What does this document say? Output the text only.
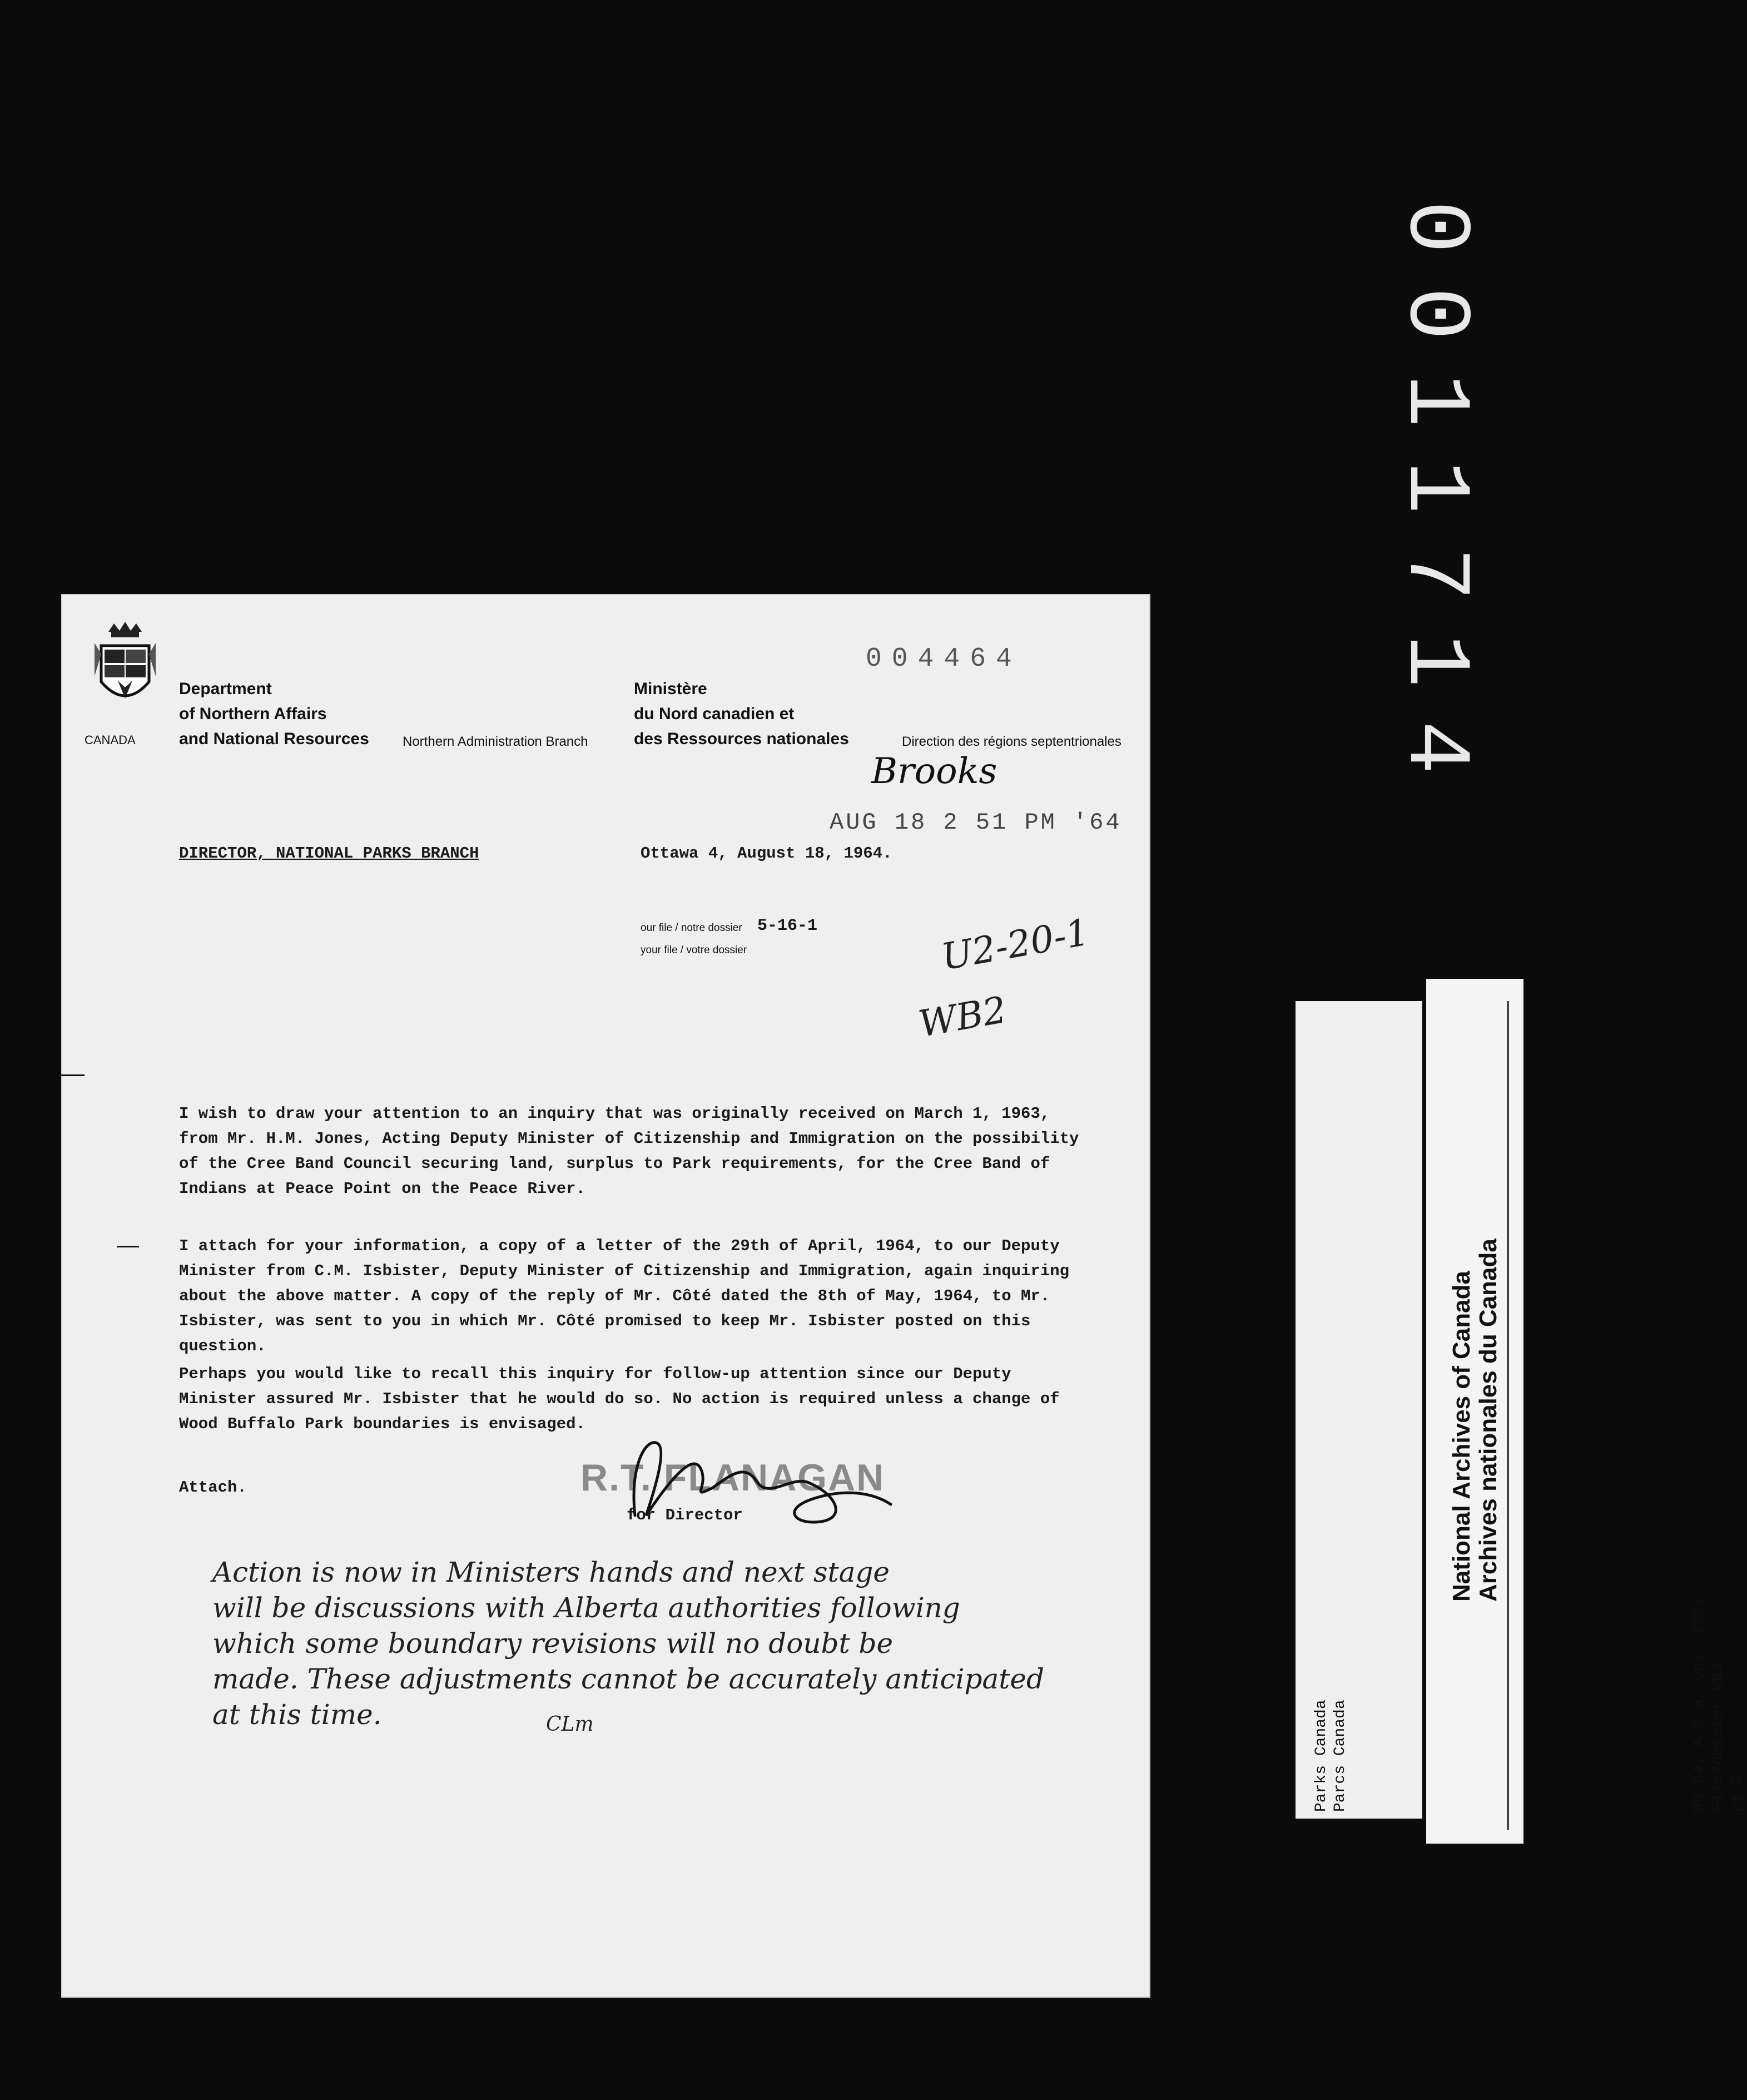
0011714
CANADA
Department
of Northern Affairs
and National Resources	Northern Administration Branch
Ministère
du Nord canadien et
des Ressources nationales	Direction des régions septentrionales
004464
Brooks
AUG 18 2 51 PM '64
DIRECTOR, NATIONAL PARKS BRANCH	Ottawa 4, August 18, 1964.
our file / notre dossier
your file / votre dossier
5-16-1	U2-20-1
WB2
I wish to draw your attention to an inquiry that was originally received on March 1, 1963, from Mr. H.M. Jones, Acting Deputy Minister of Citizenship and Immigration on the possibility of the Cree Band Council securing land, surplus to Park requirements, for the Cree Band of Indians at Peace Point on the Peace River.
I attach for your information, a copy of a letter of the 29th of April, 1964, to our Deputy Minister from C.M. Isbister, Deputy Minister of Citizenship and Immigration, again inquiring about the above matter. A copy of the reply of Mr. Côté dated the 8th of May, 1964, to Mr. Isbister, was sent to you in which Mr. Côté promised to keep Mr. Isbister posted on this question.
Perhaps you would like to recall this inquiry for follow-up attention since our Deputy Minister assured Mr. Isbister that he would do so. No action is required unless a change of Wood Buffalo Park boundaries is envisaged.
Attach.	R.T. FLANAGAN
for Director
Action is now in Ministers hands and next stage
will be discussions with Alberta authorities following
which some boundary revisions will no doubt be
made. These adjustments cannot be accurately anticipated
at this time.	CLm
Parks Canada
Parcs Canada

RG 84, A-2-a, vol. 2227
File/dossier WB2
pt 3
National Archives of Canada Archives nationales du Canada
